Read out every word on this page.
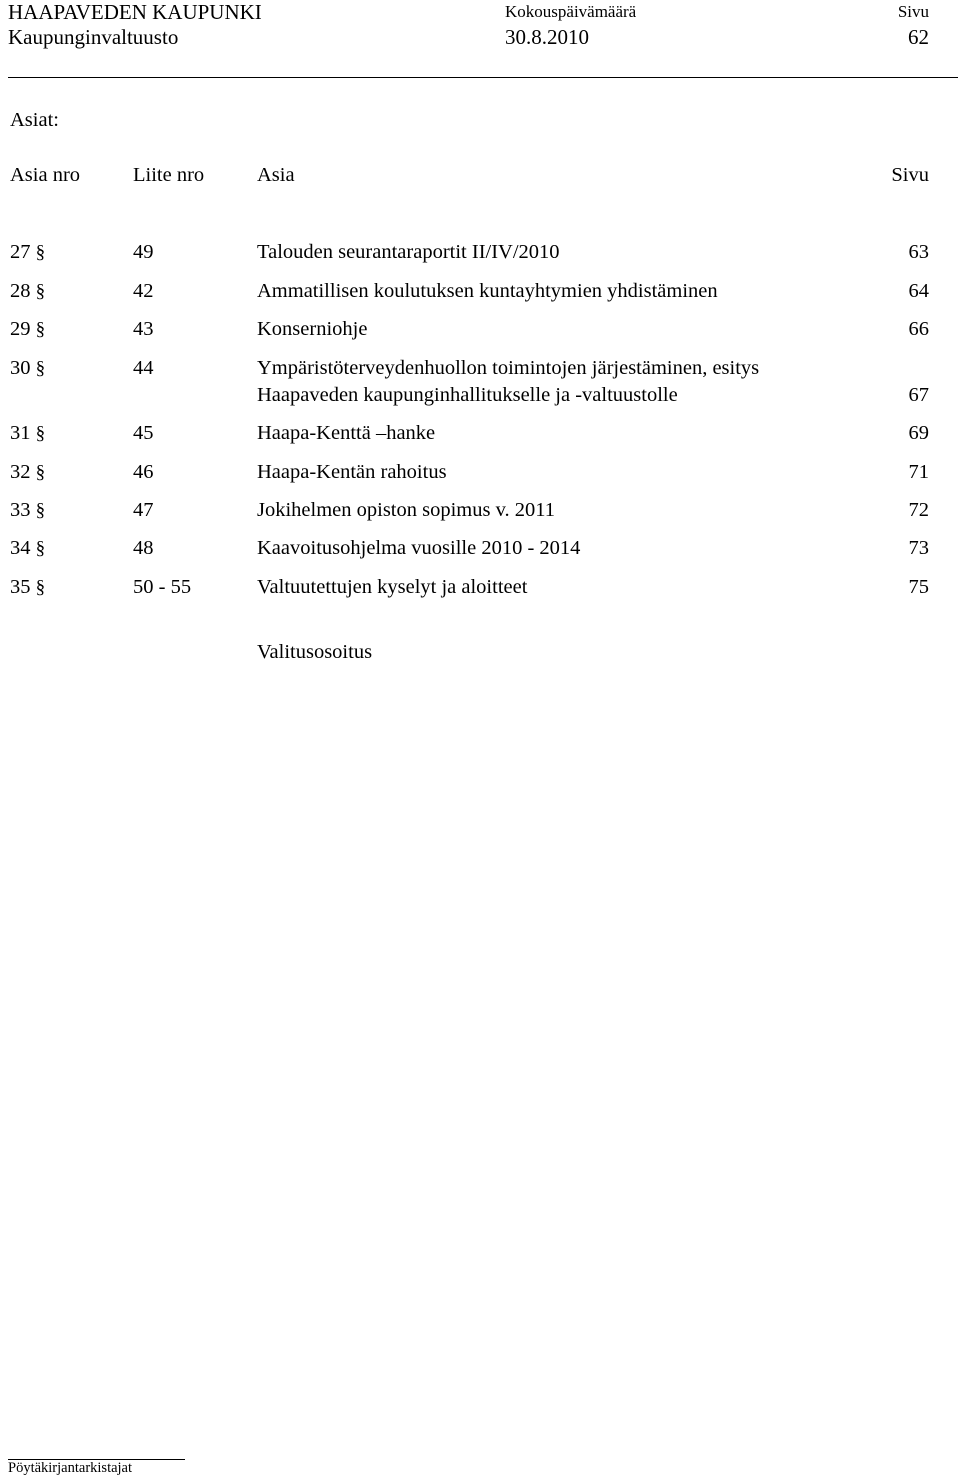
HAAPAVEDEN KAUPUNKI	Kokouspäivämäärä	Sivu
Kaupunginvaltuusto	30.8.2010	62
Asiat:
Asia nro	Liite nro	Asia	Sivu
27 §	49	Talouden seurantaraportit II/IV/2010	63
28 §	42	Ammatillisen koulutuksen kuntayhtymien yhdistäminen	64
29 §	43	Konserniohje	66
30 §	44	Ympäristöterveydenhuollon toimintojen järjestäminen, esitys
Haapaveden kaupunginhallitukselle ja -valtuustolle	67
31 §	45	Haapa-Kenttä –hanke	69
32 §	46	Haapa-Kentän rahoitus	71
33 §	47	Jokihelmen opiston sopimus v. 2011	72
34 §	48	Kaavoitusohjelma vuosille 2010 - 2014	73
35 §	50 - 55	Valtuutettujen kyselyt ja aloitteet	75
Valitusosoitus
Pöytäkirjantarkistajat
